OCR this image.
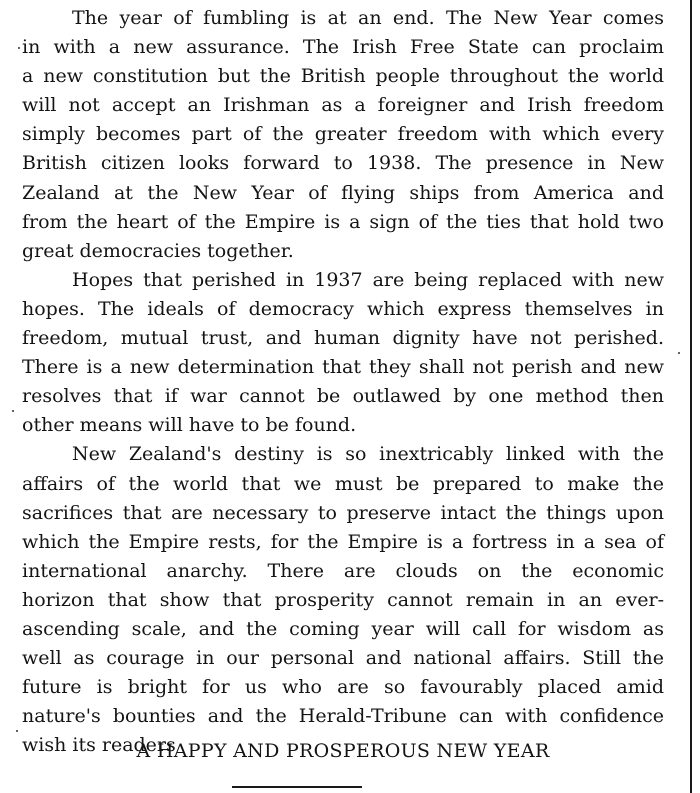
The year of fumbling is at an end. The New Year comes
in with a new assurance. The Irish Free State can proclaim
a new constitution but the British people throughout the world
will not accept an Irishman as a foreigner and Irish freedom
simply becomes part of the greater freedom with which every
British citizen looks forward to 1938. The presence in New
Zealand at the New Year of flying ships from America and
from the heart of the Empire is a sign of the ties that hold two
great democracies together.
Hopes that perished in 1937 are being replaced with new
hopes. The ideals of democracy which express themselves in
freedom, mutual trust, and human dignity have not perished.
There is a new determination that they shall not perish and new
resolves that if war cannot be outlawed by one method then
other means will have to be found.
New Zealand's destiny is so inextricably linked with the
affairs of the world that we must be prepared to make the
sacrifices that are necessary to preserve intact the things upon
which the Empire rests, for the Empire is a fortress in a sea of
international anarchy. There are clouds on the economic
horizon that show that prosperity cannot remain in an ever-
ascending scale, and the coming year will call for wisdom as
well as courage in our personal and national affairs. Still the
future is bright for us who are so favourably placed amid
nature's bounties and the Herald-Tribune can with confidence
wish its readers
A HAPPY AND PROSPEROUS NEW YEAR
